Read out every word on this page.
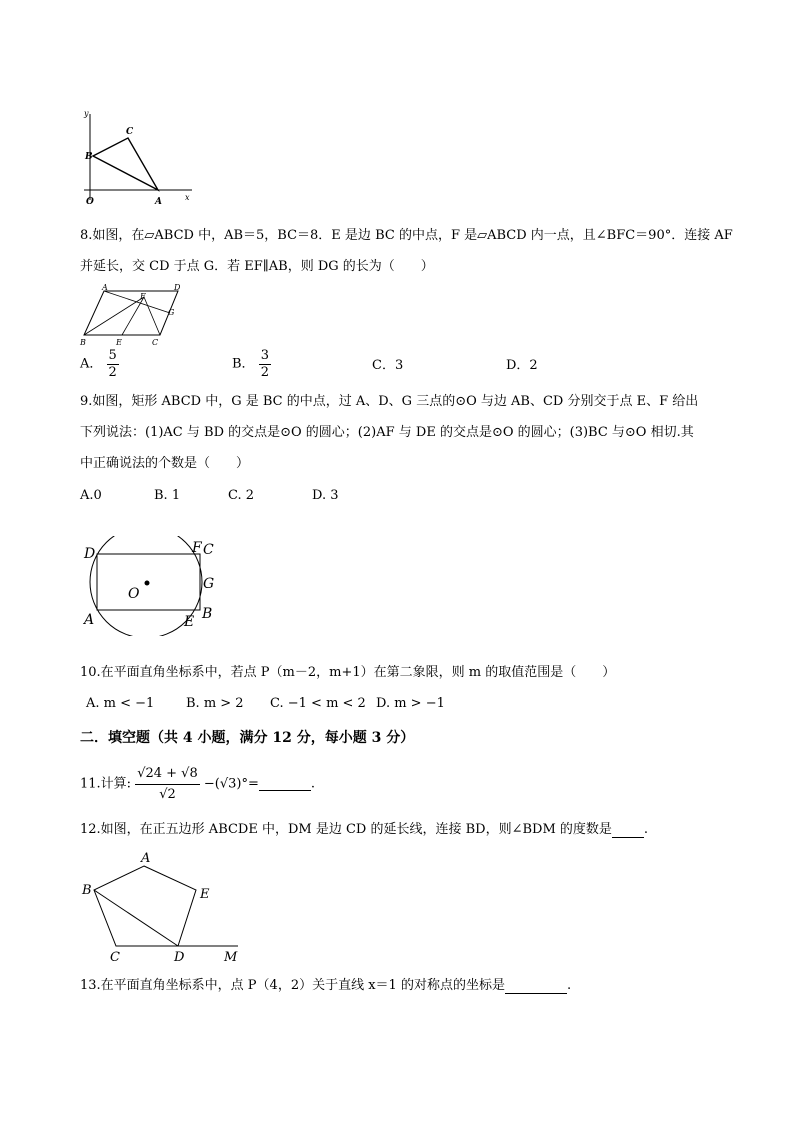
y
x
O	A
B
C
8.如图，在▱ABCD 中，AB＝5，BC＝8．E 是边 BC 的中点，F 是▱ABCD 内一点，且∠BFC＝90°．连接 AF
并延长，交 CD 于点 G．若 EF∥AB，则 DG 的长为（　　）
A	D
F
G
B	E	C
A． $\frac{5}{2}$	B． $\frac{3}{2}$	C．3	D．2
9.如图，矩形 ABCD 中，G 是 BC 的中点，过 A、D、G 三点的⊙O 与边 AB、CD 分别交于点 E、F 给出
下列说法：(1)AC 与 BD 的交点是⊙O 的圆心；(2)AF 与 DE 的交点是⊙O 的圆心；(3)BC 与⊙O 相切.其
中正确说法的个数是（　　）
A.0	B. 1	C. 2	D. 3
D	F C
G
O
A	E B
10.在平面直角坐标系中，若点 P（m－2，m+1）在第二象限，则 m 的取值范围是（　　）
A. m < −1 B. m > 2 C. −1 < m < 2 D. m > −1
二．填空题（共 4 小题，满分 12 分，每小题 3 分）
11.计算: $\frac{√24 + √8}{√2} -(√3)^\circ=$	.
12.如图，在正五边形 ABCDE 中，DM 是边 CD 的延长线，连接 BD，则∠BDM 的度数是 .
A
B	E
C	D	M
13.在平面直角坐标系中，点 P（4，2）关于直线 x＝1 的对称点的坐标是	.
